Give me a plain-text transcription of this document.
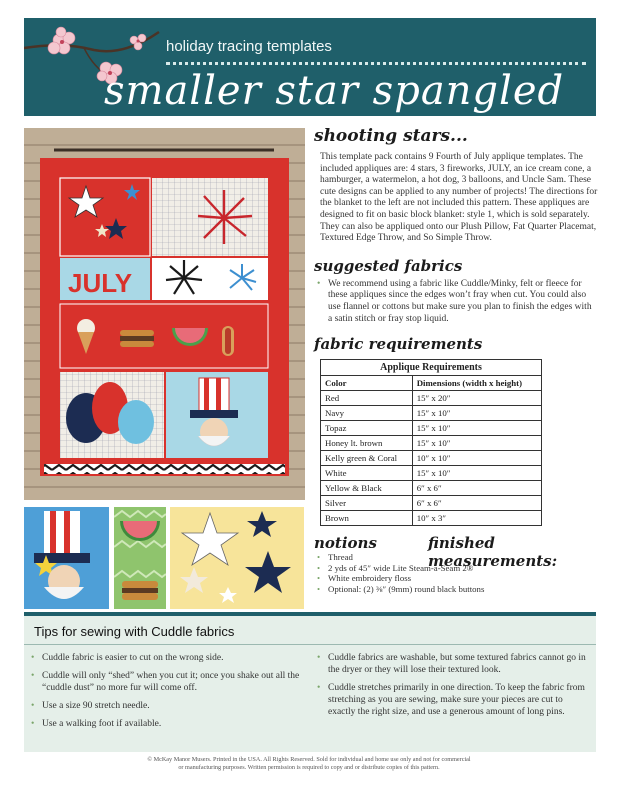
holiday tracing templates
smaller star spangled
JULY
shooting stars...

This template pack contains 9 Fourth of July applique templates. The included appliques are: 4 stars, 3 fireworks, JULY, an ice cream cone, a hamburger, a watermelon, a hot dog, 3 balloons, and Uncle Sam. These cute designs can be applied to any number of projects! The directions for the blanket to the left are not included this pattern. These appliques are designed to fit on basic block blanket: style 1, which is sold separately. They can also be appliqued onto our Plush Pillow, Fat Quarter Placemat, Textured Edge Throw, and So Simple Throw.

suggested fabrics
• We recommend using a fabric like Cuddle/Minky, felt or fleece for these appliques since the edges won’t fray when cut. You could also use flannel or cottons but make sure you plan to finish the edges with a satin stitch or fray stop liquid.
fabric requirements
Applique Requirements	
Color	Dimensions (width x height)
Red	15″ x 20″
Navy	15″ x 10″
Topaz	15″ x 10″
Honey lt. brown	15″ x 10″
Kelly green & Coral	10″ x 10″
White	15″ x 10″
Yellow & Black	6″ x 6″
Silver	6″ x 6″
Brown	10″ x 3″
notions	finished measurements:
• Thread
• 2 yds of 45″ wide Lite Steam-a-Seam 2®
• White embroidery floss
• Optional: (2) ⅜″ (9mm) round black buttons
Tips for sewing with Cuddle fabrics
• Cuddle fabric is easier to cut on the wrong side.
• Cuddle will only “shed” when you cut it; once you shake out all the “cuddle dust” no more fur will come off.
• Use a size 90 stretch needle.
• Use a walking foot if available.
• Cuddle fabrics are washable, but some textured fabrics cannot go in the dryer or they will lose their textured look.
• Cuddle stretches primarily in one direction. To keep the fabric from stretching as you are sewing, make sure your pieces are cut to exactly the right size, and use a generous amount of long pins.
© McKay Manor Musers. Printed in the USA. All Rights Reserved. Sold for individual and home use only and not for commercial
or manufacturing purposes. Written permission is required to copy and or distribute copies of this pattern.
